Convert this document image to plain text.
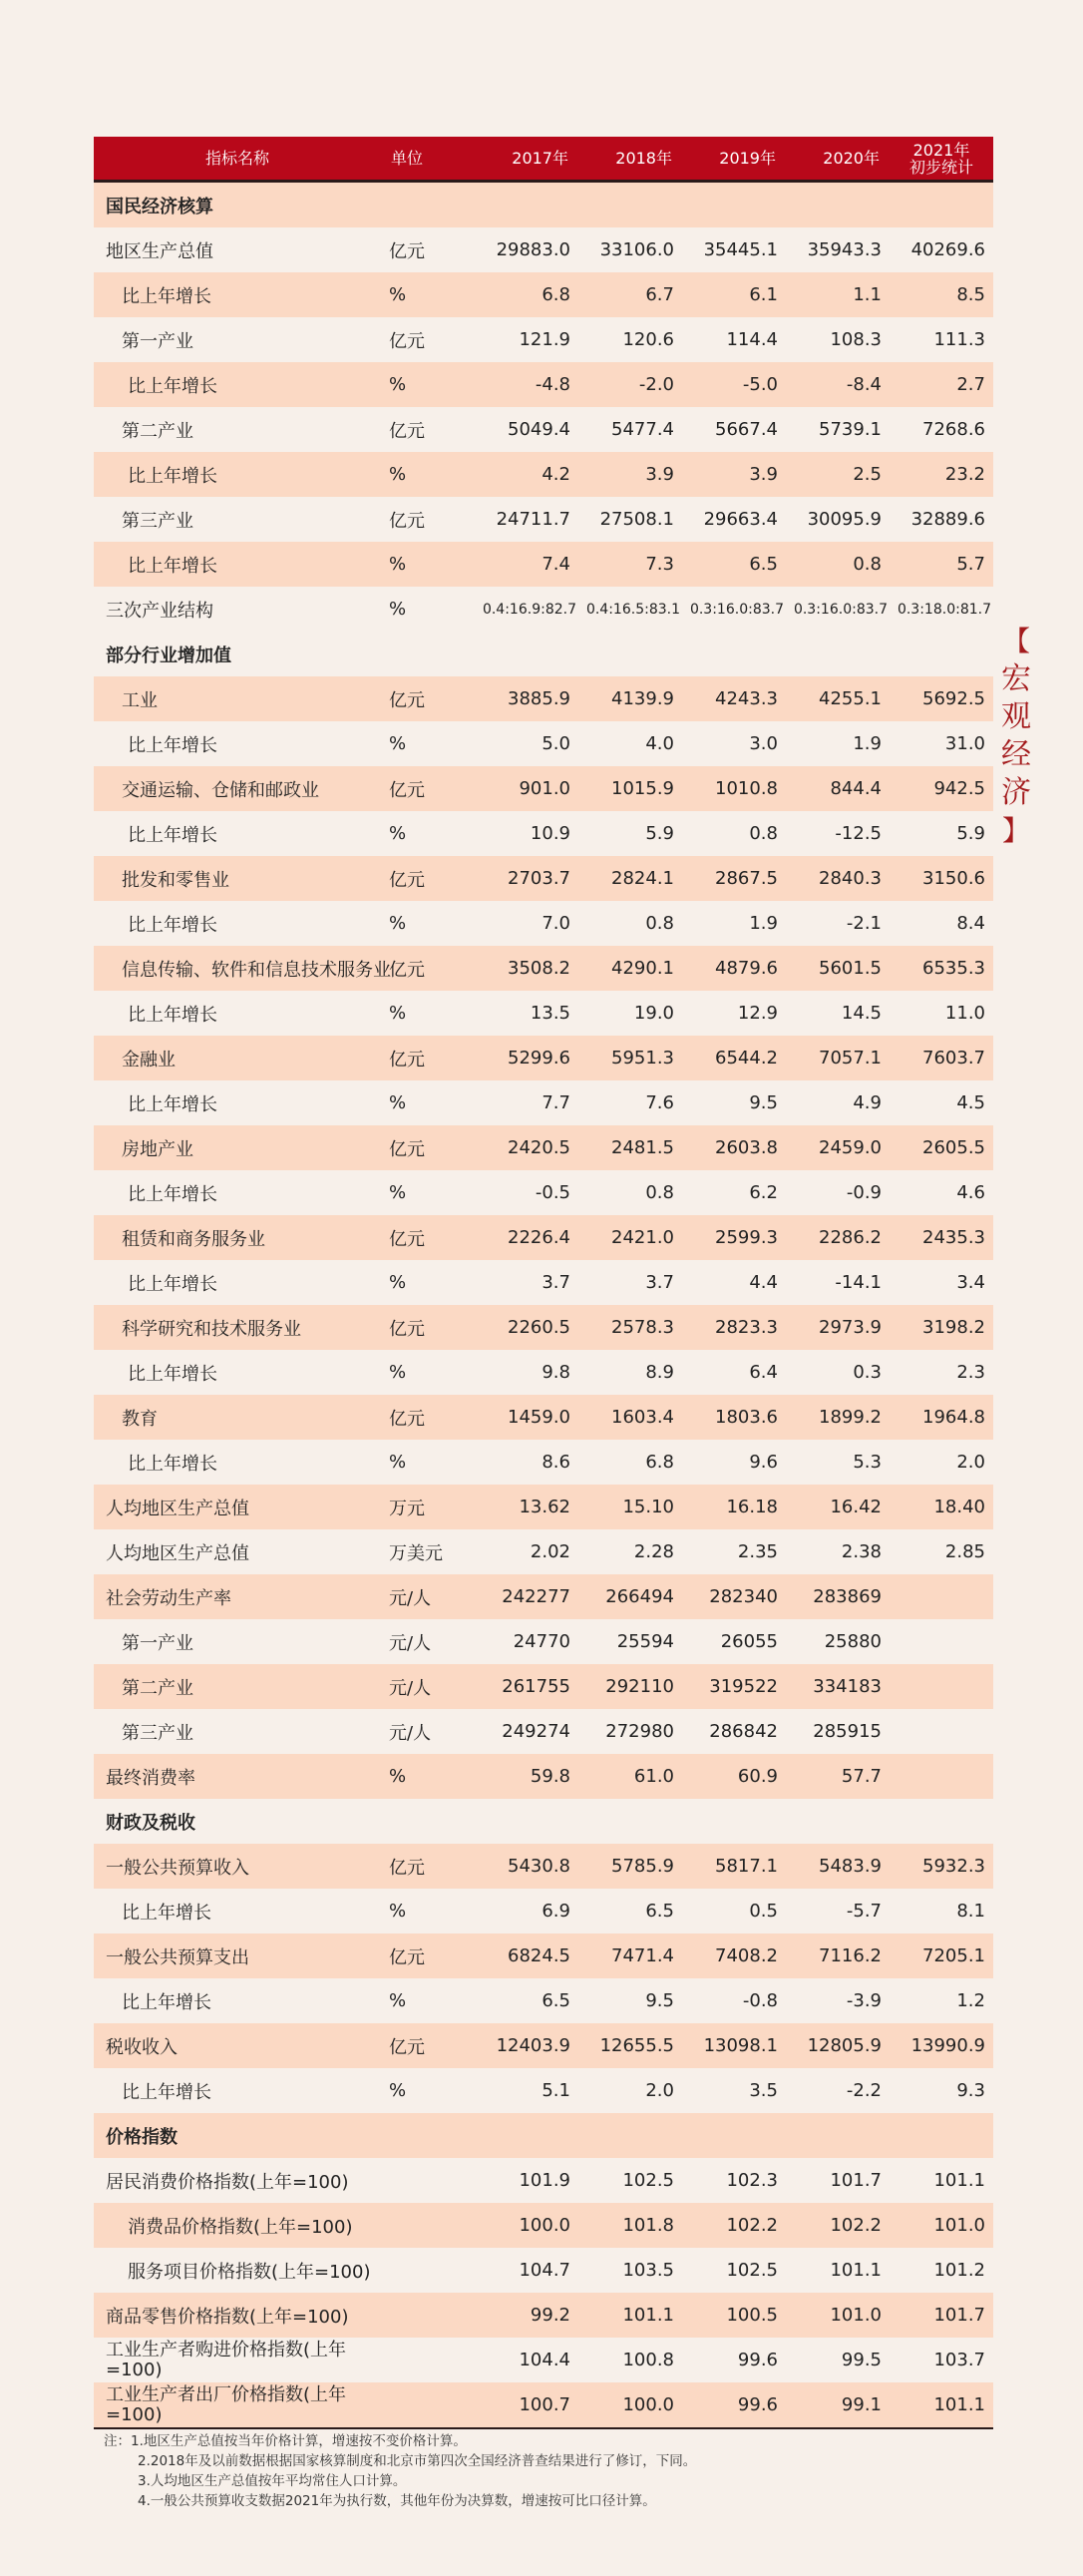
指标名称	单位	2017年	2018年	2019年	2020年	2021年
初步统计
国民经济核算						
地区生产总值	亿元	29883.0	33106.0	35445.1	35943.3	40269.6
比上年增长	%	6.8	6.7	6.1	1.1	8.5
第一产业	亿元	121.9	120.6	114.4	108.3	111.3
比上年增长	%	-4.8	-2.0	-5.0	-8.4	2.7
第二产业	亿元	5049.4	5477.4	5667.4	5739.1	7268.6
比上年增长	%	4.2	3.9	3.9	2.5	23.2
第三产业	亿元	24711.7	27508.1	29663.4	30095.9	32889.6
比上年增长	%	7.4	7.3	6.5	0.8	5.7
三次产业结构	%	0.4:16.9:82.7	0.4:16.5:83.1	0.3:16.0:83.7	0.3:16.0:83.7	0.3:18.0:81.7
部分行业增加值						
工业	亿元	3885.9	4139.9	4243.3	4255.1	5692.5
比上年增长	%	5.0	4.0	3.0	1.9	31.0
交通运输、仓储和邮政业	亿元	901.0	1015.9	1010.8	844.4	942.5
比上年增长	%	10.9	5.9	0.8	-12.5	5.9
批发和零售业	亿元	2703.7	2824.1	2867.5	2840.3	3150.6
比上年增长	%	7.0	0.8	1.9	-2.1	8.4
信息传输、软件和信息技术服务业	亿元	3508.2	4290.1	4879.6	5601.5	6535.3
比上年增长	%	13.5	19.0	12.9	14.5	11.0
金融业	亿元	5299.6	5951.3	6544.2	7057.1	7603.7
比上年增长	%	7.7	7.6	9.5	4.9	4.5
房地产业	亿元	2420.5	2481.5	2603.8	2459.0	2605.5
比上年增长	%	-0.5	0.8	6.2	-0.9	4.6
租赁和商务服务业	亿元	2226.4	2421.0	2599.3	2286.2	2435.3
比上年增长	%	3.7	3.7	4.4	-14.1	3.4
科学研究和技术服务业	亿元	2260.5	2578.3	2823.3	2973.9	3198.2
比上年增长	%	9.8	8.9	6.4	0.3	2.3
教育	亿元	1459.0	1603.4	1803.6	1899.2	1964.8
比上年增长	%	8.6	6.8	9.6	5.3	2.0
人均地区生产总值	万元	13.62	15.10	16.18	16.42	18.40
人均地区生产总值	万美元	2.02	2.28	2.35	2.38	2.85
社会劳动生产率	元/人	242277	266494	282340	283869	
第一产业	元/人	24770	25594	26055	25880	
第二产业	元/人	261755	292110	319522	334183	
第三产业	元/人	249274	272980	286842	285915	
最终消费率	%	59.8	61.0	60.9	57.7	
财政及税收						
一般公共预算收入	亿元	5430.8	5785.9	5817.1	5483.9	5932.3
比上年增长	%	6.9	6.5	0.5	-5.7	8.1
一般公共预算支出	亿元	6824.5	7471.4	7408.2	7116.2	7205.1
比上年增长	%	6.5	9.5	-0.8	-3.9	1.2
税收收入	亿元	12403.9	12655.5	13098.1	12805.9	13990.9
比上年增长	%	5.1	2.0	3.5	-2.2	9.3
价格指数						
居民消费价格指数(上年=100)		101.9	102.5	102.3	101.7	101.1
消费品价格指数(上年=100)		100.0	101.8	102.2	102.2	101.0
服务项目价格指数(上年=100)		104.7	103.5	102.5	101.1	101.2
商品零售价格指数(上年=100)		99.2	101.1	100.5	101.0	101.7
工业生产者购进价格指数(上年=100)		104.4	100.8	99.6	99.5	103.7
工业生产者出厂价格指数(上年=100)		100.7	100.0	99.6	99.1	101.1
【
宏
观
经
济
】
注：1.地区生产总值按当年价格计算，增速按不变价格计算。
2.2018年及以前数据根据国家核算制度和北京市第四次全国经济普查结果进行了修订，下同。
3.人均地区生产总值按年平均常住人口计算。
4.一般公共预算收支数据2021年为执行数，其他年份为决算数，增速按可比口径计算。
